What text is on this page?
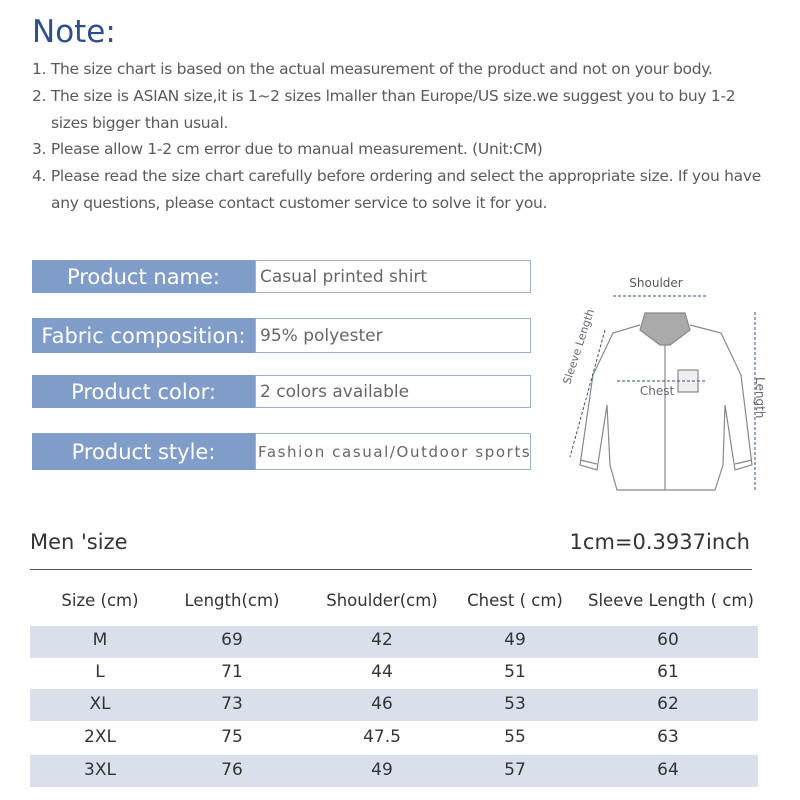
Note:
1. The size chart is based on the actual measurement of the product and not on your body.
2. The size is ASIAN size,it is 1~2 sizes lmaller than Europe/US size.we suggest you to buy 1-2
sizes bigger than usual.
3. Please allow 1-2 cm error due to manual measurement. (Unit:CM)
4. Please read the size chart carefully before ordering and select the appropriate size. If you have
any questions, please contact customer service to solve it for you.
Product name:	Casual printed shirt
Fabric composition: 95% polyester
Product color:	2 colors available
Product style:	Fashion casual/Outdoor sports
Shoulder
Chest
Sleeve Length
Length
Men 'size	1cm=0.3937inch
Size (cm)	Length(cm)	Shoulder(cm)	Chest ( cm)	Sleeve Length ( cm)
M	69	42	49	60
L	71	44	51	61
XL	73	46	53	62
2XL	75	47.5	55	63
3XL	76	49	57	64
